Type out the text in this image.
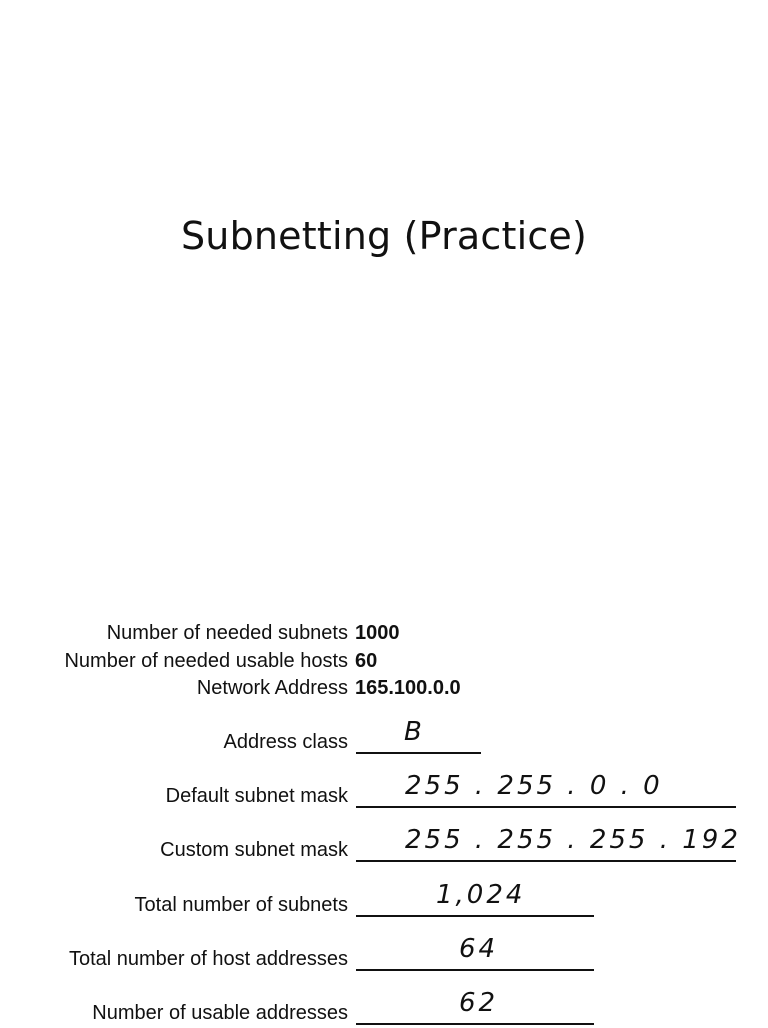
Subnetting (Practice)
Number of needed subnets 1000
Number of needed usable hosts 60
Network Address 165.100.0.0
Address class B
Default subnet mask 255 . 255 . 0 . 0
Custom subnet mask 255 . 255 . 255 . 192
Total number of subnets	1,024
Total number of host addresses	64
Number of usable addresses	62
